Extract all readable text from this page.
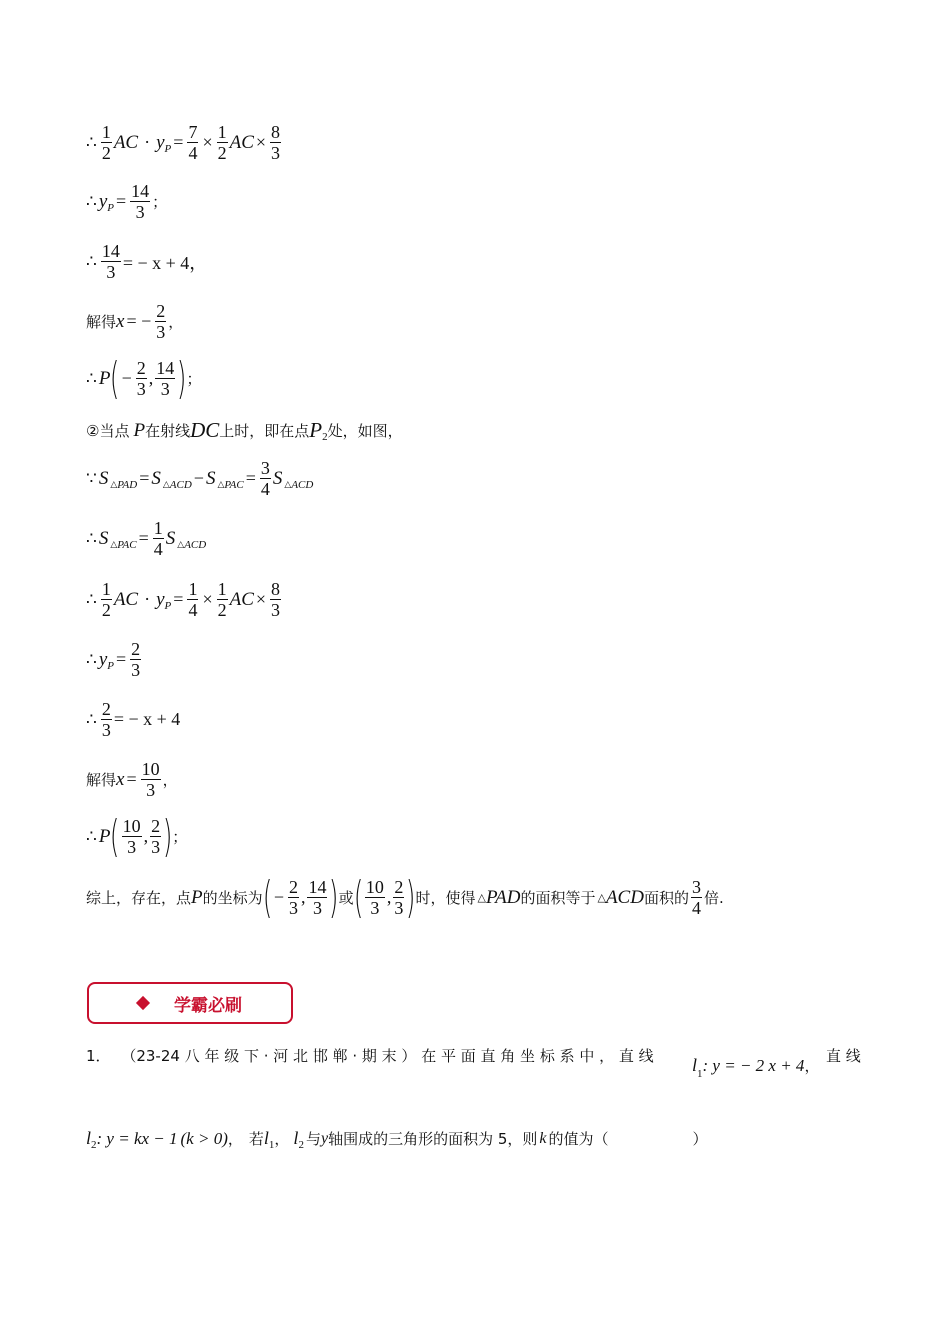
∴ $\frac{1}{2}$ AC · y $P = \frac{7}{4} \times \frac{1}{2}$ AC × $\frac{8}{3}$
∴ y $P = \frac{14}{3}$ ；
∴ $\frac{14}{3}$ = − x + 4，
解得 x = − $\frac{2}{3}$ ，
∴ P ( − $\frac{2}{3}$ , $\frac{14}{3}$ ) ；
②当点 P 在射线 DC 上时，即在点 P 2 处，如图，
∵ S △ PAD = S △ ACD − S △ PAC = $\frac{3}{4}$ S △ ACD
∴ S △ PAC = $\frac{1}{4}$ S △ ACD
∴ $\frac{1}{2}$ AC · y $P = \frac{1}{4} \times \frac{1}{2}$ AC × $\frac{8}{3}$
∴ y $P = \frac{2}{3}$
∴ $\frac{2}{3}$ = − x + 4
解得 $x = \frac{10}{3}$ ，
∴ P ( $\frac{10}{3}$ , $\frac{2}{3}$ ) ；
综上，存在，点 P 的坐标为 ( − $\frac{2}{3}$ , $\frac{14}{3}$ ) 或 ( $\frac{10}{3}$ , $\frac{2}{3}$ ) 时，使得 △ PAD 的面积等于 △ ACD 面积的 $\frac{3}{4}$ 倍.
学霸必刷
1． （23-24 八 年 级 下 · 河 北 邯 郸 · 期 末 ） 在 平 面 直 角 坐 标 系 中 ， 直 线	$l_1$: y = − 2 x + 4，
直 线
l 2 : y = kx − 1 (k > 0) ， 若 l 1 ， l 2 与 y 轴围成的三角形的面积为 5，则 k 的值为（	）
